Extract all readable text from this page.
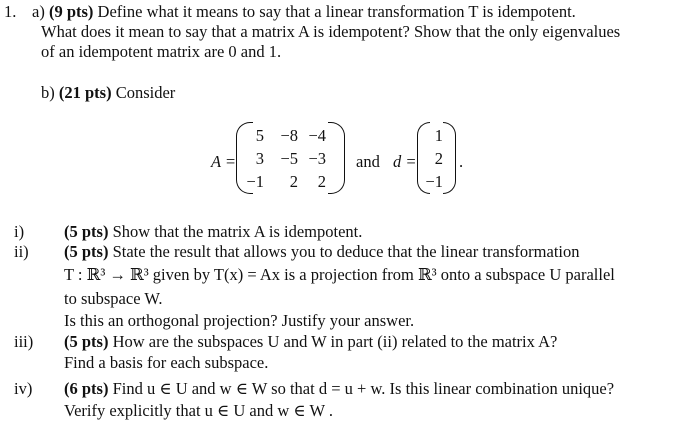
1. a) (9 pts) Define what it means to say that a linear transformation T is idempotent.
What does it mean to say that a matrix A is idempotent? Show that the only eigenvalues
of an idempotent matrix are 0 and 1.
b) (21 pts) Consider
A =
5 −8 −4
3 −5 −3
−1	2	2
and d =
1
2
−1
.
i) (5 pts) Show that the matrix A is idempotent.
ii) (5 pts) State the result that allows you to deduce that the linear transformation
T : ℝ³ → ℝ³ given by T(x) = Ax is a projection from ℝ³ onto a subspace U parallel
to subspace W.
Is this an orthogonal projection? Justify your answer.
iii) (5 pts) How are the subspaces U and W in part (ii) related to the matrix A?
Find a basis for each subspace.
iv) (6 pts) Find u ∈ U and w ∈ W so that d = u + w. Is this linear combination unique?
Verify explicitly that u ∈ U and w ∈ W .
